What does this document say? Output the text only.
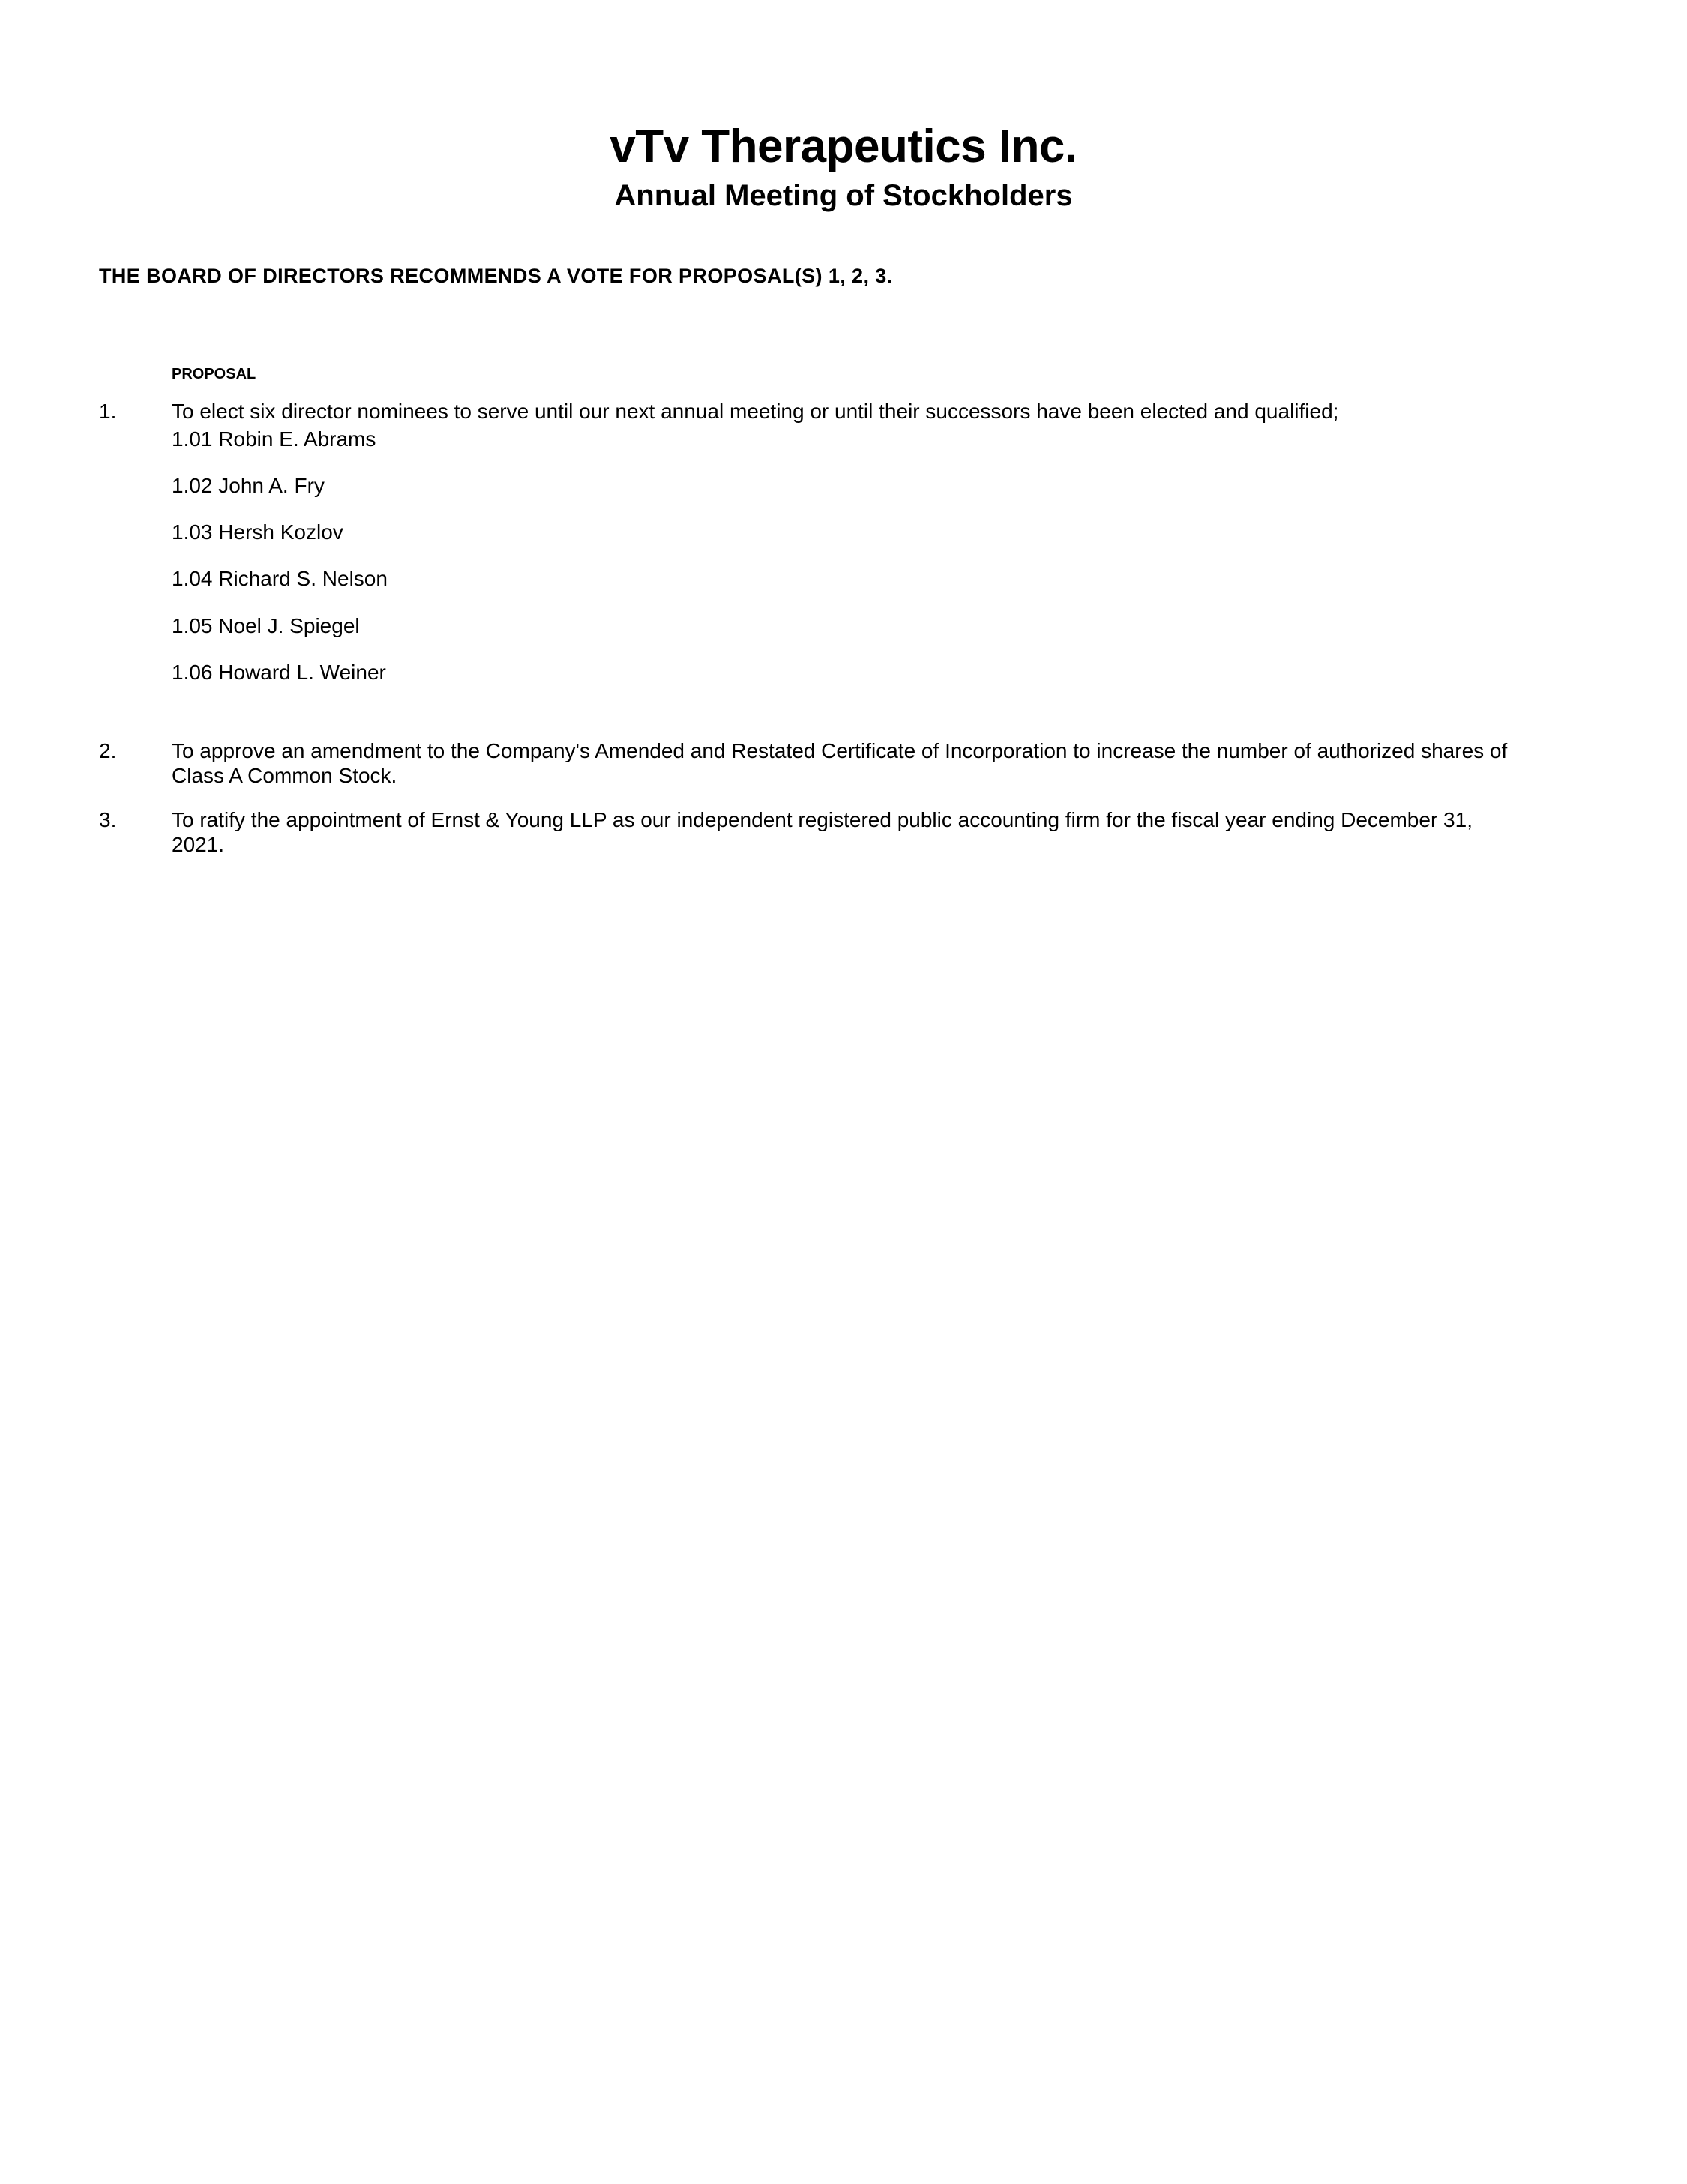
vTv Therapeutics Inc.
Annual Meeting of Stockholders
THE BOARD OF DIRECTORS RECOMMENDS A VOTE FOR PROPOSAL(S) 1, 2, 3.
PROPOSAL
1.	To elect six director nominees to serve until our next annual meeting or until their successors have been elected and qualified;
1.01 Robin E. Abrams
1.02 John A. Fry
1.03 Hersh Kozlov
1.04 Richard S. Nelson
1.05 Noel J. Spiegel
1.06 Howard L. Weiner
2.	To approve an amendment to the Company's Amended and Restated Certificate of Incorporation to increase the number of authorized shares of
Class A Common Stock.
3.	To ratify the appointment of Ernst & Young LLP as our independent registered public accounting firm for the fiscal year ending December 31,
2021.
